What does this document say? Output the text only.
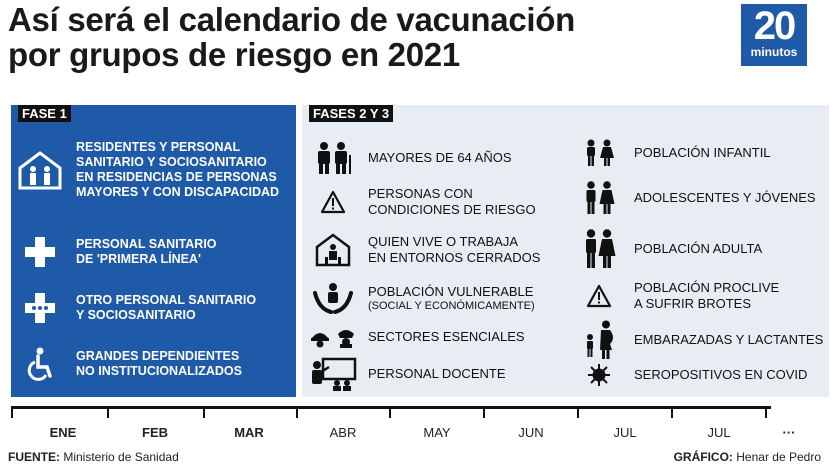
Así será el calendario de vacunación
por grupos de riesgo en 2021
20
minutos
FASE 1	FASES 2 Y 3
RESIDENTES Y PERSONAL
SANITARIO Y SOCIOSANITARIO
EN RESIDENCIAS DE PERSONAS
MAYORES Y CON DISCAPACIDAD
PERSONAL SANITARIO
DE 'PRIMERA LÍNEA'
OTRO PERSONAL SANITARIO
Y SOCIOSANITARIO
GRANDES DEPENDIENTES
NO INSTITUCIONALIZADOS
MAYORES DE 64 AÑOS
PERSONAS CON
CONDICIONES DE RIESGO
QUIEN VIVE O TRABAJA
EN ENTORNOS CERRADOS

POBLACIÓN VULNERABLE

(SOCIAL Y ECONÓMICAMENTE)

SECTORES ESENCIALES
PERSONAL DOCENTE
POBLACIÓN INFANTIL
ADOLESCENTES Y JÓVENES
POBLACIÓN ADULTA
POBLACIÓN PROCLIVE
A SUFRIR BROTES
EMBARAZADAS Y LACTANTES
SEROPOSITIVOS EN COVID
ENE	FEB	MAR	ABR	MAY	JUN	JUL	JUL	···
FUENTE: Ministerio de Sanidad	GRÁFICO: Henar de Pedro
